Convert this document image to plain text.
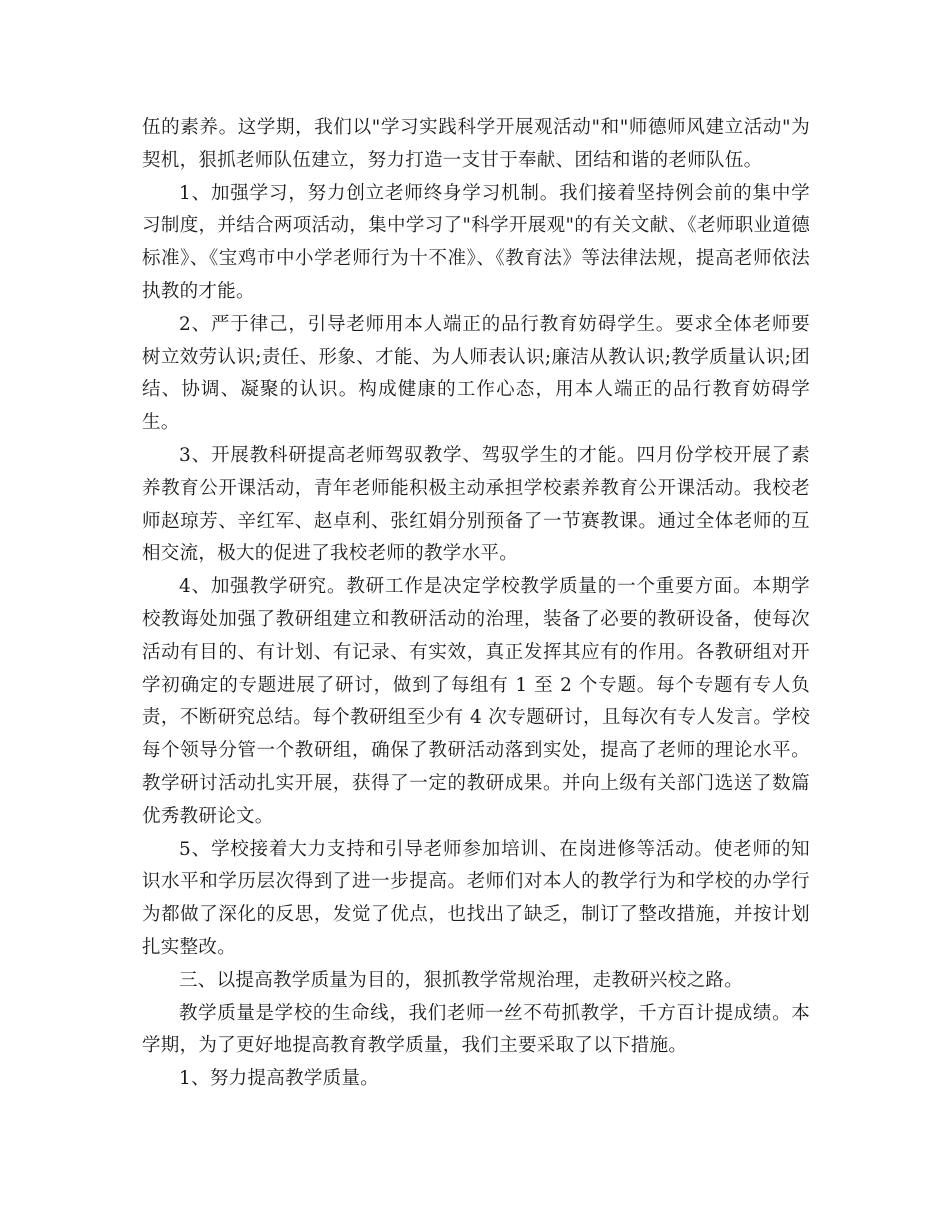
伍的素养。这学期，我们以"学习实践科学开展观活动"和"师德师风建立活动"为契机，狠抓老师队伍建立，努力打造一支甘于奉献、团结和谐的老师队伍。

1、加强学习，努力创立老师终身学习机制。我们接着坚持例会前的集中学习制度，并结合两项活动，集中学习了"科学开展观"的有关文献、《老师职业道德标准》、《宝鸡市中小学老师行为十不准》、《教育法》等法律法规，提高老师依法执教的才能。

2、严于律己，引导老师用本人端正的品行教育妨碍学生。要求全体老师要树立效劳认识;责任、形象、才能、为人师表认识;廉洁从教认识;教学质量认识;团结、协调、凝聚的认识。构成健康的工作心态，用本人端正的品行教育妨碍学生。

3、开展教科研提高老师驾驭教学、驾驭学生的才能。四月份学校开展了素养教育公开课活动，青年老师能积极主动承担学校素养教育公开课活动。我校老师赵琼芳、辛红军、赵卓利、张红娟分别预备了一节赛教课。通过全体老师的互相交流，极大的促进了我校老师的教学水平。

4、加强教学研究。教研工作是决定学校教学质量的一个重要方面。本期学校教诲处加强了教研组建立和教研活动的治理，装备了必要的教研设备，使每次活动有目的、有计划、有记录、有实效，真正发挥其应有的作用。各教研组对开学初确定的专题进展了研讨，做到了每组有 1 至 2 个专题。每个专题有专人负责，不断研究总结。每个教研组至少有 4 次专题研讨，且每次有专人发言。学校每个领导分管一个教研组，确保了教研活动落到实处，提高了老师的理论水平。教学研讨活动扎实开展，获得了一定的教研成果。并向上级有关部门选送了数篇优秀教研论文。

5、学校接着大力支持和引导老师参加培训、在岗进修等活动。使老师的知识水平和学历层次得到了进一步提高。老师们对本人的教学行为和学校的办学行为都做了深化的反思，发觉了优点，也找出了缺乏，制订了整改措施，并按计划扎实整改。

三、以提高教学质量为目的，狠抓教学常规治理，走教研兴校之路。

教学质量是学校的生命线，我们老师一丝不苟抓教学，千方百计提成绩。本学期，为了更好地提高教育教学质量，我们主要采取了以下措施。

1、努力提高教学质量。
